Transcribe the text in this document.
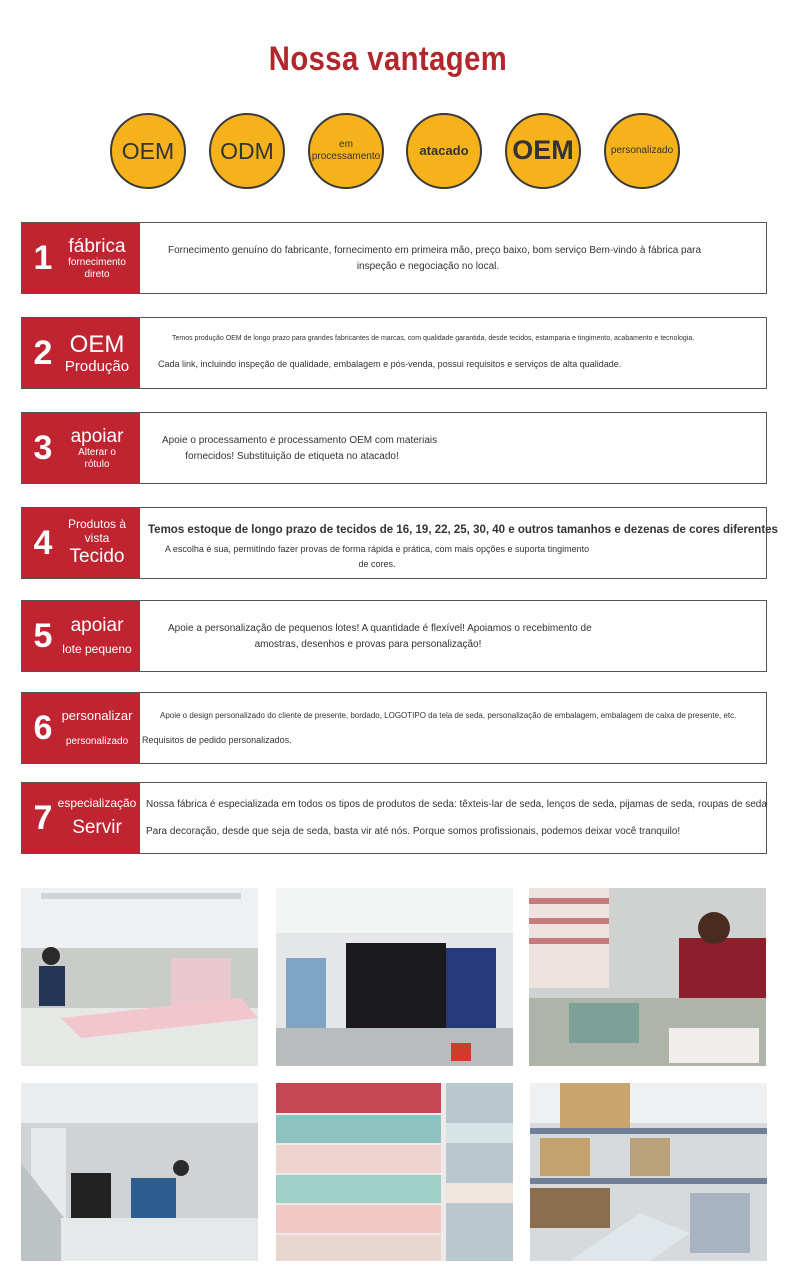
Nossa vantagem
OEM ODM	em processamento	atacado OEM	personalizado
1 fábrica
fornecimento
direto
Fornecimento genuíno do fabricante, fornecimento em primeira mão, preço baixo, bom serviço Bem-vindo à fábrica para
inspeção e negociação no local.
2 OEM
Produção
Temos produção OEM de longo prazo para grandes fabricantes de marcas, com qualidade garantida, desde tecidos, estamparia e tingimento, acabamento e tecnologia.
Cada link, incluindo inspeção de qualidade, embalagem e pós-venda, possui requisitos e serviços de alta qualidade.
3 apoiar
Alterar o
rótulo
Apoie o processamento e processamento OEM com materiais
fornecidos! Substituição de etiqueta no atacado!
4 Produtos à
vista
Tecido
Temos estoque de longo prazo de tecidos de 16, 19, 22, 25, 30, 40 e outros tamanhos e dezenas de cores diferentes
A escolha é sua, permitindo fazer provas de forma rápida e prática, com mais opções e suporta tingimento
de cores.
5 apoiar
lote pequeno
Apoie a personalização de pequenos lotes! A quantidade é flexível! Apoiamos o recebimento de
amostras, desenhos e provas para personalização!
6 personalizar
personalizado
Apoie o design personalizado do cliente de presente, bordado, LOGOTIPO da tela de seda, personalização de embalagem, embalagem de caixa de presente, etc.
Requisitos de pedido personalizados.
7 especialização
Servir
Nossa fábrica é especializada em todos os tipos de produtos de seda: têxteis-lar de seda, lenços de seda, pijamas de seda, roupas de seda
Para decoração, desde que seja de seda, basta vir até nós. Porque somos profissionais, podemos deixar você tranquilo!
